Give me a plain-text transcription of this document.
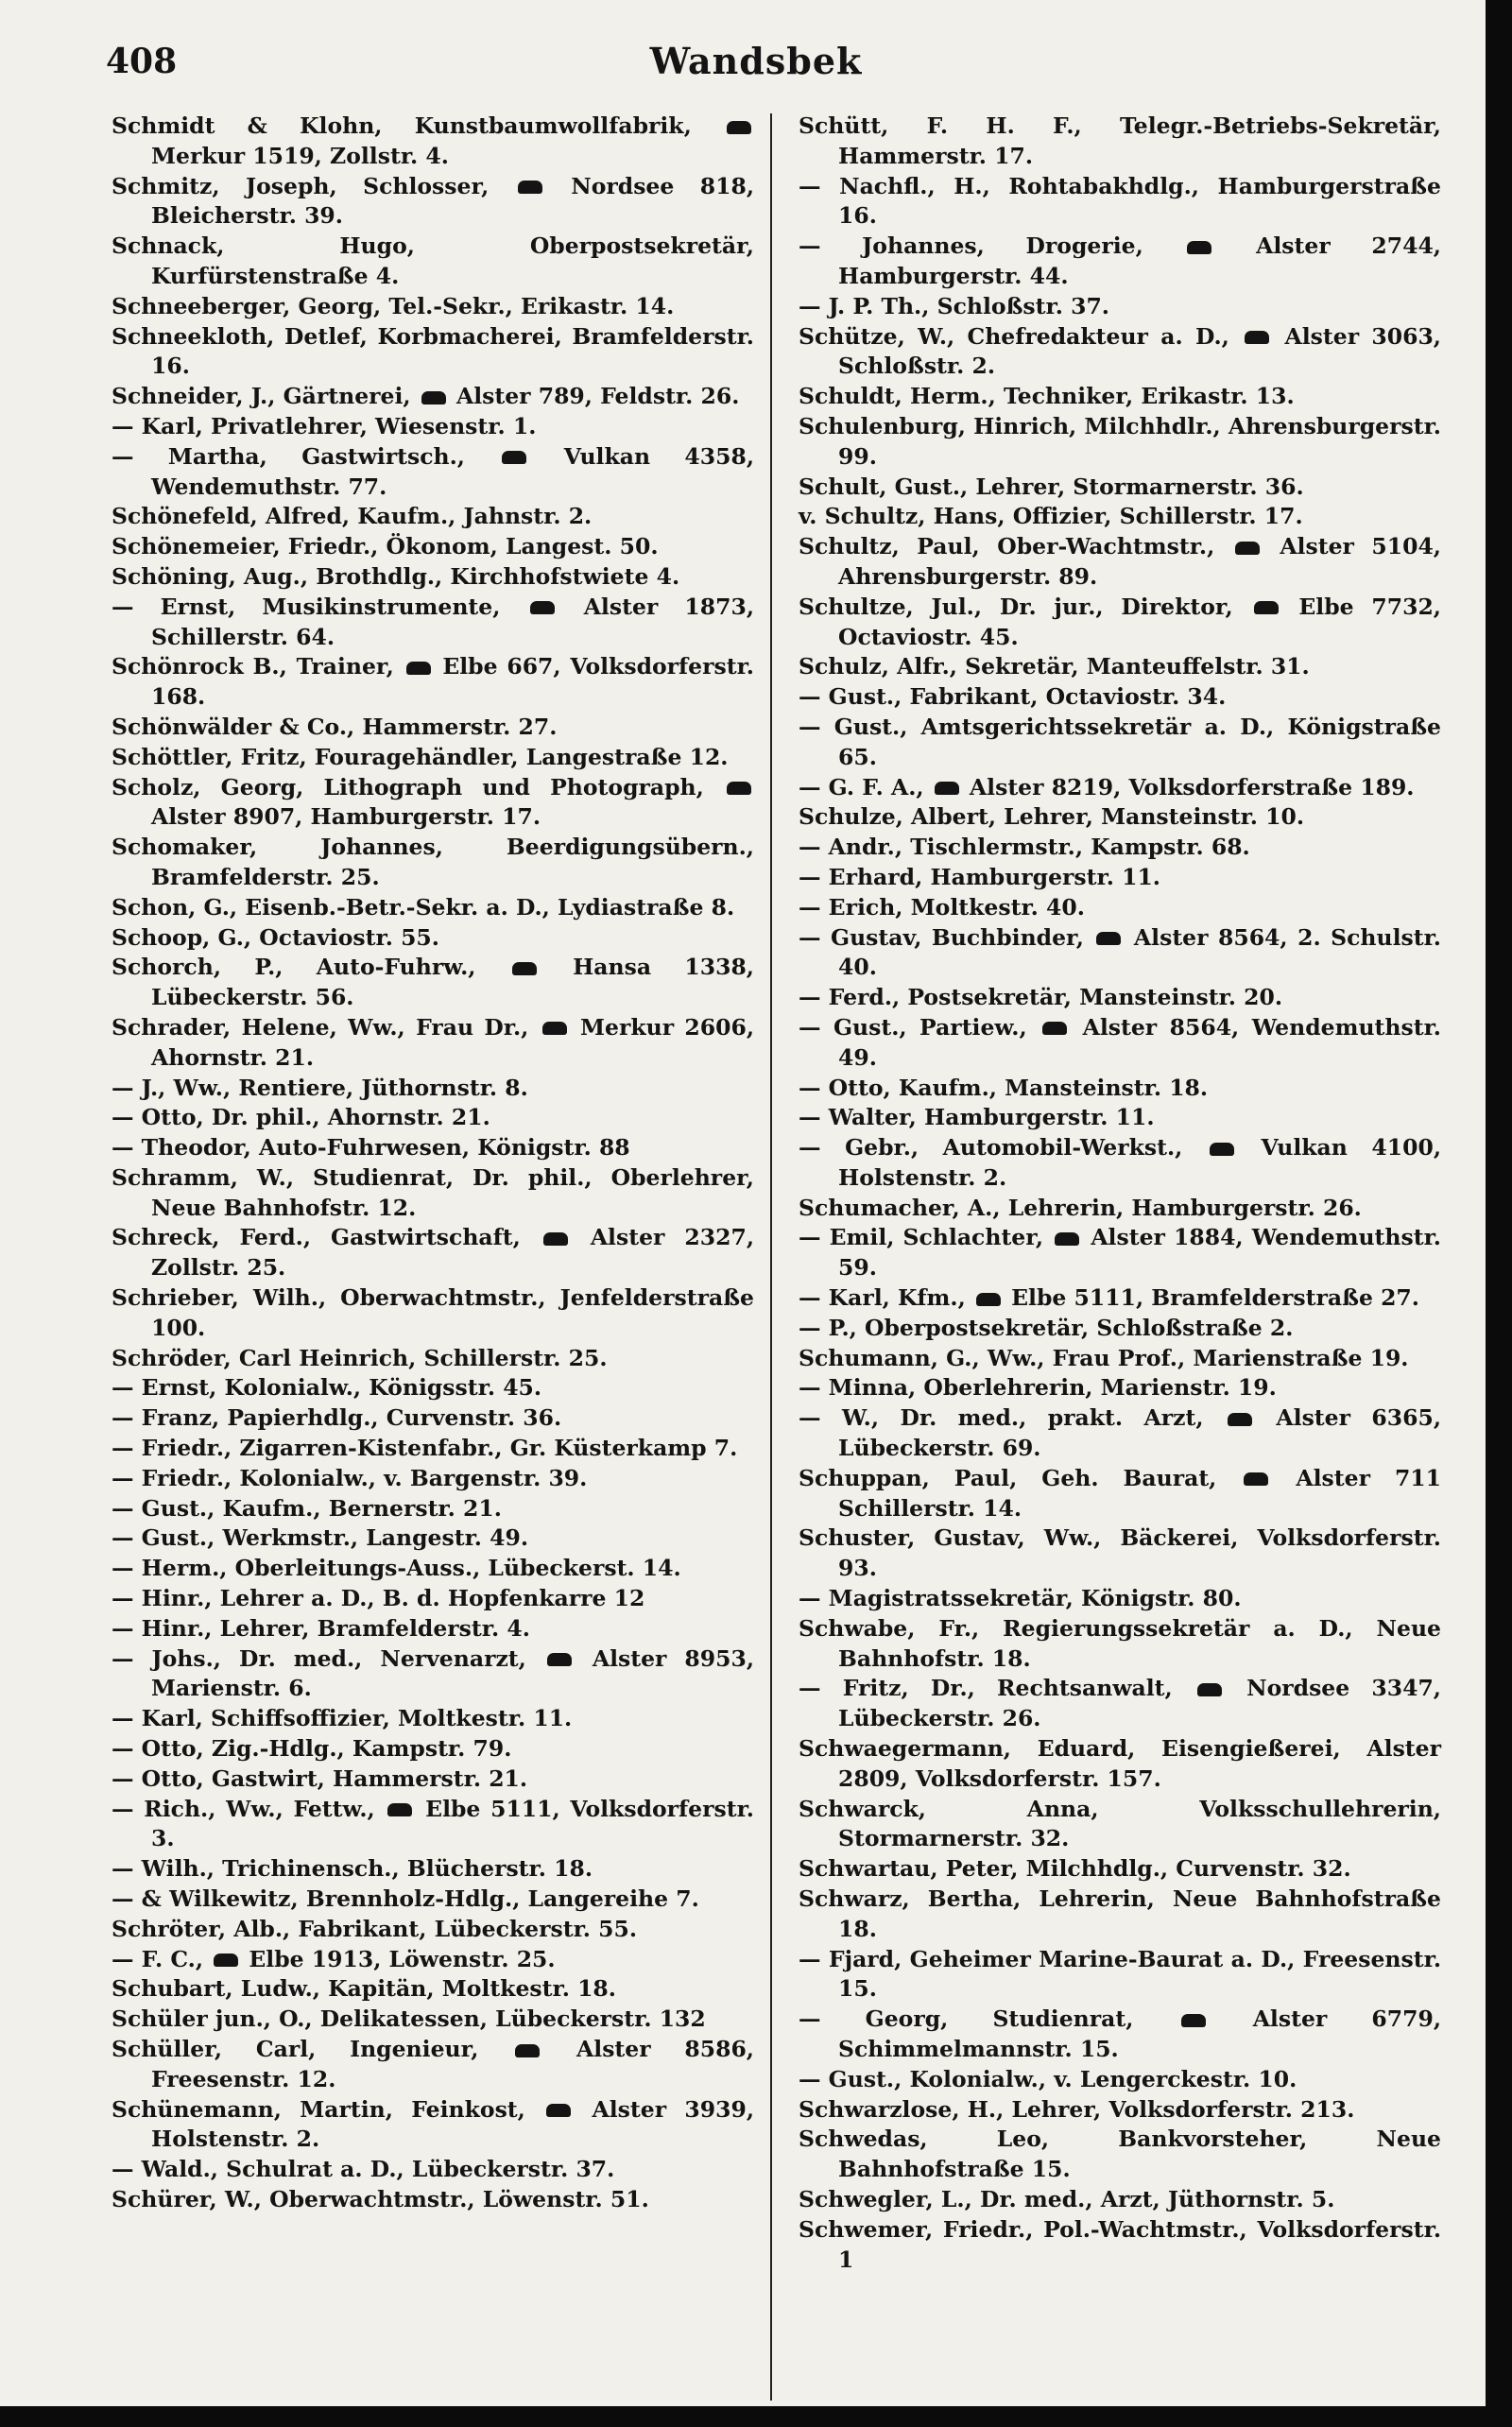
408	Wandsbek
Schmidt & Klohn, Kunstbaumwollfabrik,  Merkur 1519, Zollstr. 4.
Schmitz, Joseph, Schlosser,  Nordsee 818, Bleicherstr. 39.
Schnack, Hugo, Oberpostsekretär, Kurfürstenstraße 4.
Schneeberger, Georg, Tel.-Sekr., Erikastr. 14.
Schneekloth, Detlef, Korbmacherei, Bramfelderstr. 16.
Schneider, J., Gärtnerei,  Alster 789, Feldstr. 26.
— Karl, Privatlehrer, Wiesenstr. 1.
— Martha, Gastwirtsch.,  Vulkan 4358, Wendemuthstr. 77.
Schönefeld, Alfred, Kaufm., Jahnstr. 2.
Schönemeier, Friedr., Ökonom, Langest. 50.
Schöning, Aug., Brothdlg., Kirchhofstwiete 4.
— Ernst, Musikinstrumente,  Alster 1873, Schillerstr. 64.
Schönrock B., Trainer,  Elbe 667, Volksdorferstr. 168.
Schönwälder & Co., Hammerstr. 27.
Schöttler, Fritz, Fouragehändler, Langestraße 12.
Scholz, Georg, Lithograph und Photograph,  Alster 8907, Hamburgerstr. 17.
Schomaker, Johannes, Beerdigungsübern., Bramfelderstr. 25.
Schon, G., Eisenb.-Betr.-Sekr. a. D., Lydiastraße 8.
Schoop, G., Octaviostr. 55.
Schorch, P., Auto-Fuhrw.,  Hansa 1338, Lübeckerstr. 56.
Schrader, Helene, Ww., Frau Dr.,  Merkur 2606, Ahornstr. 21.
— J., Ww., Rentiere, Jüthornstr. 8.
— Otto, Dr. phil., Ahornstr. 21.
— Theodor, Auto-Fuhrwesen, Königstr. 88
Schramm, W., Studienrat, Dr. phil., Oberlehrer, Neue Bahnhofstr. 12.
Schreck, Ferd., Gastwirtschaft,  Alster 2327, Zollstr. 25.
Schrieber, Wilh., Oberwachtmstr., Jenfelderstraße 100.
Schröder, Carl Heinrich, Schillerstr. 25.
— Ernst, Kolonialw., Königsstr. 45.
— Franz, Papierhdlg., Curvenstr. 36.
— Friedr., Zigarren-Kistenfabr., Gr. Küsterkamp 7.
— Friedr., Kolonialw., v. Bargenstr. 39.
— Gust., Kaufm., Bernerstr. 21.
— Gust., Werkmstr., Langestr. 49.
— Herm., Oberleitungs-Auss., Lübeckerst. 14.
— Hinr., Lehrer a. D., B. d. Hopfenkarre 12
— Hinr., Lehrer, Bramfelderstr. 4.
— Johs., Dr. med., Nervenarzt,  Alster 8953, Marienstr. 6.
— Karl, Schiffsoffizier, Moltkestr. 11.
— Otto, Zig.-Hdlg., Kampstr. 79.
— Otto, Gastwirt, Hammerstr. 21.
— Rich., Ww., Fettw.,  Elbe 5111, Volksdorferstr. 3.
— Wilh., Trichinensch., Blücherstr. 18.
— & Wilkewitz, Brennholz-Hdlg., Langereihe 7.
Schröter, Alb., Fabrikant, Lübeckerstr. 55.
— F. C.,  Elbe 1913, Löwenstr. 25.
Schubart, Ludw., Kapitän, Moltkestr. 18.
Schüler jun., O., Delikatessen, Lübeckerstr. 132
Schüller, Carl, Ingenieur,  Alster 8586, Freesenstr. 12.
Schünemann, Martin, Feinkost,  Alster 3939, Holstenstr. 2.
— Wald., Schulrat a. D., Lübeckerstr. 37.
Schürer, W., Oberwachtmstr., Löwenstr. 51.
Schütt, F. H. F., Telegr.-Betriebs-Sekretär, Hammerstr. 17.
— Nachfl., H., Rohtabakhdlg., Hamburgerstraße 16.
— Johannes, Drogerie,  Alster 2744, Hamburgerstr. 44.
— J. P. Th., Schloßstr. 37.
Schütze, W., Chefredakteur a. D.,  Alster 3063, Schloßstr. 2.
Schuldt, Herm., Techniker, Erikastr. 13.
Schulenburg, Hinrich, Milchhdlr., Ahrensburgerstr. 99.
Schult, Gust., Lehrer, Stormarnerstr. 36.
v. Schultz, Hans, Offizier, Schillerstr. 17.
Schultz, Paul, Ober-Wachtmstr.,  Alster 5104, Ahrensburgerstr. 89.
Schultze, Jul., Dr. jur., Direktor,  Elbe 7732, Octaviostr. 45.
Schulz, Alfr., Sekretär, Manteuffelstr. 31.
— Gust., Fabrikant, Octaviostr. 34.
— Gust., Amtsgerichtssekretär a. D., Königstraße 65.
— G. F. A.,  Alster 8219, Volksdorferstraße 189.
Schulze, Albert, Lehrer, Mansteinstr. 10.
— Andr., Tischlermstr., Kampstr. 68.
— Erhard, Hamburgerstr. 11.
— Erich, Moltkestr. 40.
— Gustav, Buchbinder,  Alster 8564, 2. Schulstr. 40.
— Ferd., Postsekretär, Mansteinstr. 20.
— Gust., Partiew.,  Alster 8564, Wendemuthstr. 49.
— Otto, Kaufm., Mansteinstr. 18.
— Walter, Hamburgerstr. 11.
— Gebr., Automobil-Werkst.,  Vulkan 4100, Holstenstr. 2.
Schumacher, A., Lehrerin, Hamburgerstr. 26.
— Emil, Schlachter,  Alster 1884, Wendemuthstr. 59.
— Karl, Kfm.,  Elbe 5111, Bramfelderstraße 27.
— P., Oberpostsekretär, Schloßstraße 2.
Schumann, G., Ww., Frau Prof., Marienstraße 19.
— Minna, Oberlehrerin, Marienstr. 19.
— W., Dr. med., prakt. Arzt,  Alster 6365, Lübeckerstr. 69.
Schuppan, Paul, Geh. Baurat,  Alster 711 Schillerstr. 14.
Schuster, Gustav, Ww., Bäckerei, Volksdorferstr. 93.
— Magistratssekretär, Königstr. 80.
Schwabe, Fr., Regierungssekretär a. D., Neue Bahnhofstr. 18.
— Fritz, Dr., Rechtsanwalt,  Nordsee 3347, Lübeckerstr. 26.
Schwaegermann, Eduard, Eisengießerei, Alster 2809, Volksdorferstr. 157.
Schwarck, Anna, Volksschullehrerin, Stormarnerstr. 32.
Schwartau, Peter, Milchhdlg., Curvenstr. 32.
Schwarz, Bertha, Lehrerin, Neue Bahnhofstraße 18.
— Fjard, Geheimer Marine-Baurat a. D., Freesenstr. 15.
— Georg, Studienrat,  Alster 6779, Schimmelmannstr. 15.
— Gust., Kolonialw., v. Lengerckestr. 10.
Schwarzlose, H., Lehrer, Volksdorferstr. 213.
Schwedas, Leo, Bankvorsteher, Neue Bahnhofstraße 15.
Schwegler, L., Dr. med., Arzt, Jüthornstr. 5.
Schwemer, Friedr., Pol.-Wachtmstr., Volksdorferstr. 1
